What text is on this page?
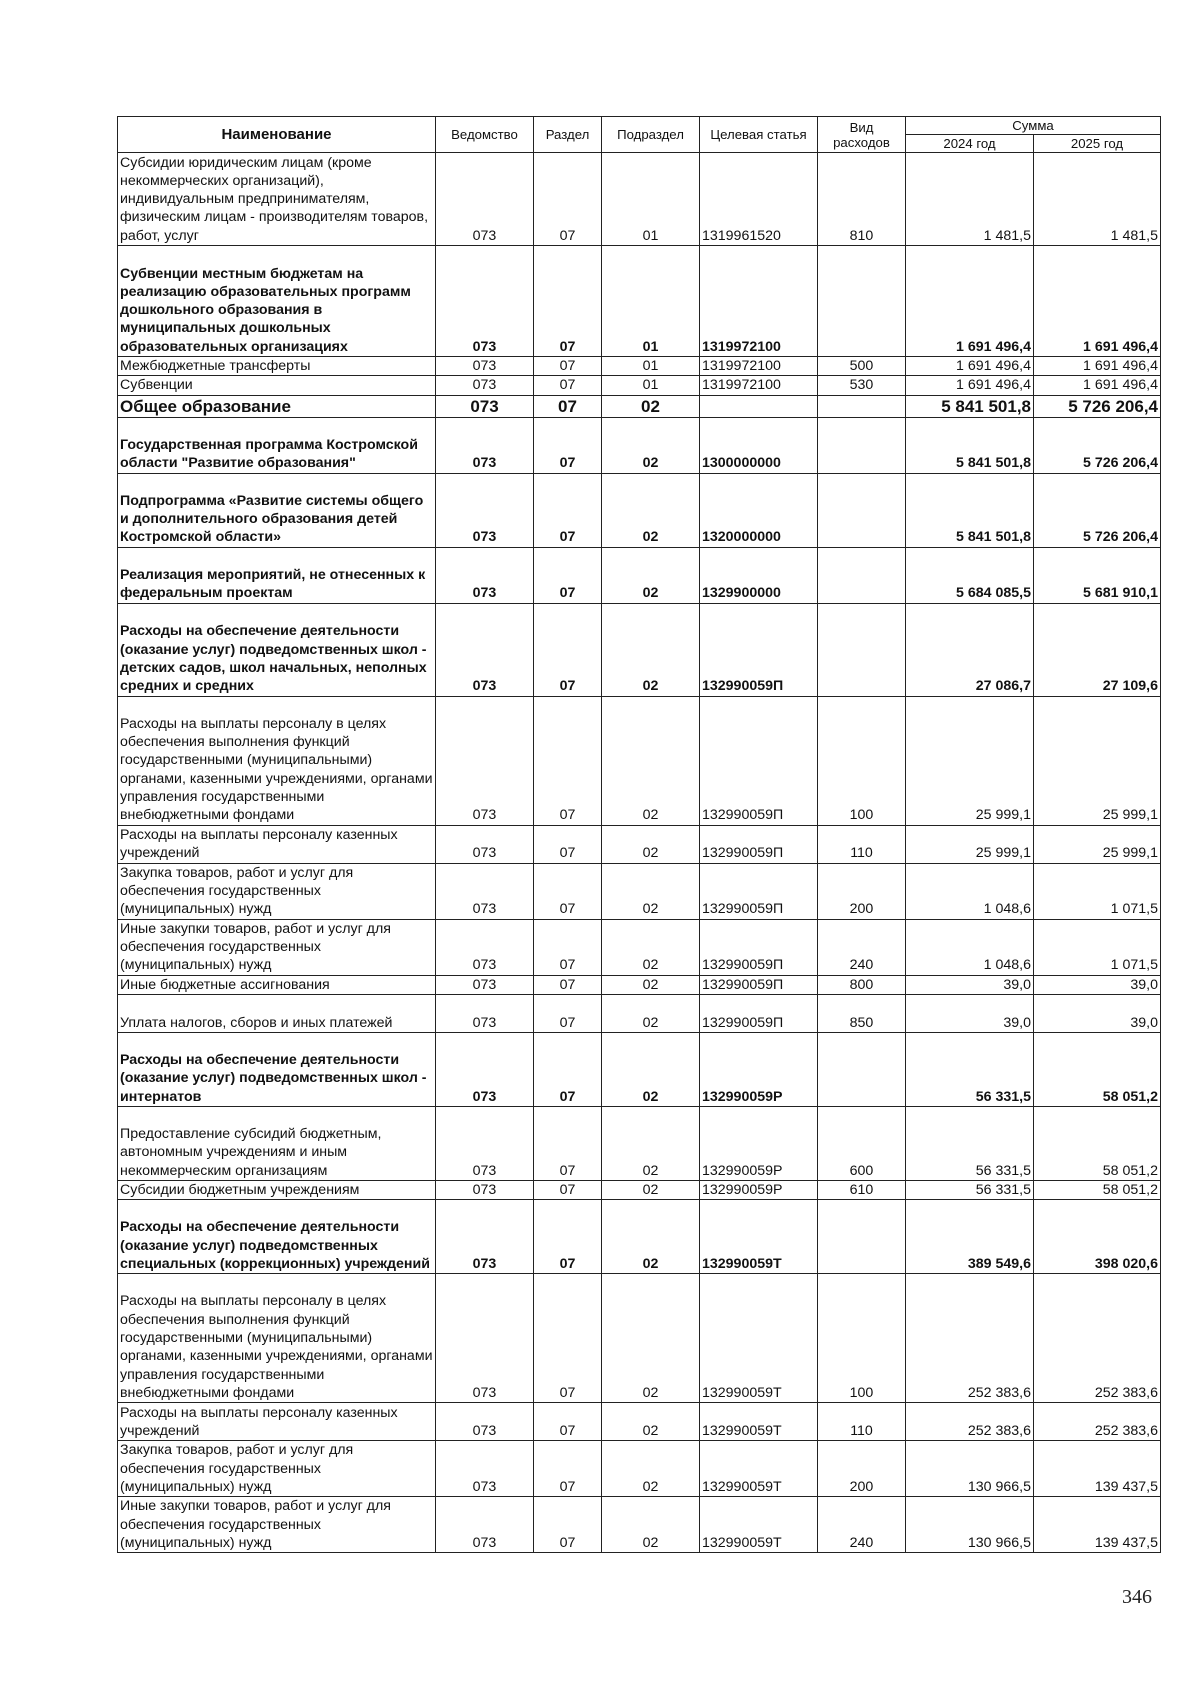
Наименование	Ведомство	Раздел	Подраздел	Целевая статья	Вид расходов	Сумма	
						2024 год	2025 год
Субсидии юридическим лицам (кроме некоммерческих организаций), индивидуальным предпринимателям, физическим лицам - производителям товаров, работ, услуг	073	07	01	1319961520	810	1 481,5	1 481,5
Субвенции местным бюджетам на реализацию образовательных программ дошкольного образования в муниципальных дошкольных образовательных организациях	073	07	01	1319972100		1 691 496,4	1 691 496,4
Межбюджетные трансферты	073	07	01	1319972100	500	1 691 496,4	1 691 496,4
Субвенции	073	07	01	1319972100	530	1 691 496,4	1 691 496,4
Общее образование	073	07	02			5 841 501,8	5 726 206,4
Государственная программа Костромской области "Развитие образования"	073	07	02	1300000000		5 841 501,8	5 726 206,4
Подпрограмма «Развитие системы общего и дополнительного образования детей Костромской области»	073	07	02	1320000000		5 841 501,8	5 726 206,4
Реализация мероприятий, не отнесенных к федеральным проектам	073	07	02	1329900000		5 684 085,5	5 681 910,1
Расходы на обеспечение деятельности (оказание услуг) подведомственных школ - детских садов, школ начальных, неполных средних и средних	073	07	02	132990059П		27 086,7	27 109,6
Расходы на выплаты персоналу в целях обеспечения выполнения функций государственными (муниципальными) органами, казенными учреждениями, органами управления государственными внебюджетными фондами	073	07	02	132990059П	100	25 999,1	25 999,1
Расходы на выплаты персоналу казенных учреждений	073	07	02	132990059П	110	25 999,1	25 999,1
Закупка товаров, работ и услуг для обеспечения государственных (муниципальных) нужд	073	07	02	132990059П	200	1 048,6	1 071,5
Иные закупки товаров, работ и услуг для обеспечения государственных (муниципальных) нужд	073	07	02	132990059П	240	1 048,6	1 071,5
Иные бюджетные ассигнования	073	07	02	132990059П	800	39,0	39,0
Уплата налогов, сборов и иных платежей	073	07	02	132990059П	850	39,0	39,0
Расходы на обеспечение деятельности (оказание услуг) подведомственных школ - интернатов	073	07	02	132990059Р		56 331,5	58 051,2
Предоставление субсидий бюджетным, автономным учреждениям и иным некоммерческим организациям	073	07	02	132990059Р	600	56 331,5	58 051,2
Субсидии бюджетным учреждениям	073	07	02	132990059Р	610	56 331,5	58 051,2
Расходы на обеспечение деятельности (оказание услуг) подведомственных специальных (коррекционных) учреждений	073	07	02	132990059Т		389 549,6	398 020,6
Расходы на выплаты персоналу в целях обеспечения выполнения функций государственными (муниципальными) органами, казенными учреждениями, органами управления государственными внебюджетными фондами	073	07	02	132990059Т	100	252 383,6	252 383,6
Расходы на выплаты персоналу казенных учреждений	073	07	02	132990059Т	110	252 383,6	252 383,6
Закупка товаров, работ и услуг для обеспечения государственных (муниципальных) нужд	073	07	02	132990059Т	200	130 966,5	139 437,5
Иные закупки товаров, работ и услуг для обеспечения государственных (муниципальных) нужд	073	07	02	132990059Т	240	130 966,5	139 437,5
346
